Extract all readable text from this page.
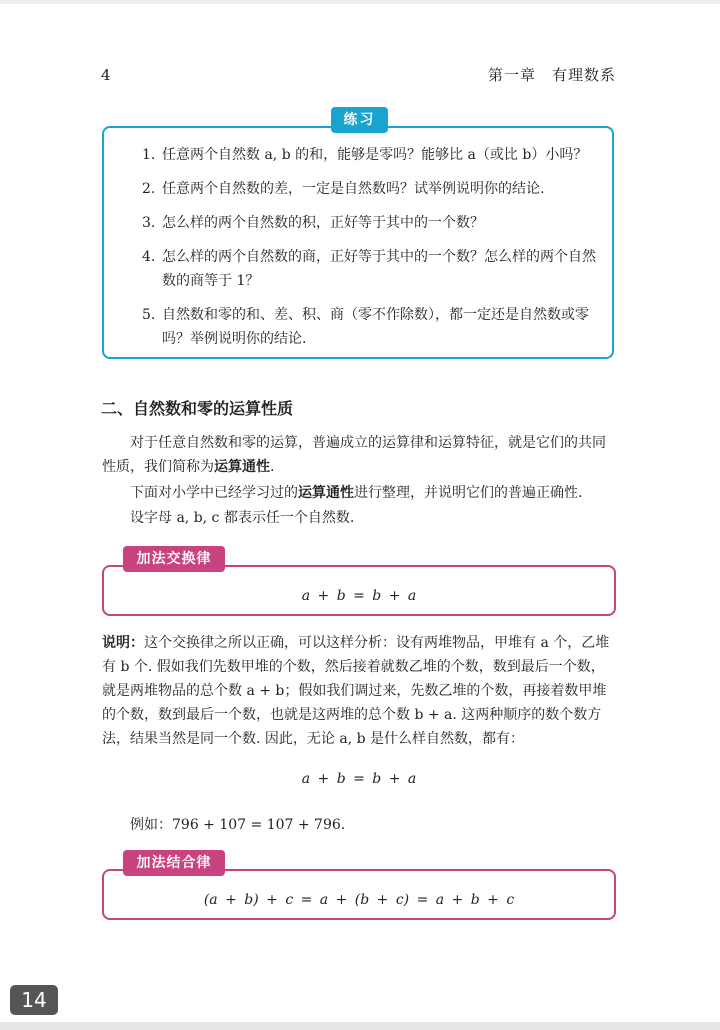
4	第一章　有理数系
练习
1. 任意两个自然数 a, b 的和，能够是零吗？能够比 a（或比 b）小吗？
2. 任意两个自然数的差，一定是自然数吗？试举例说明你的结论.
3. 怎么样的两个自然数的积，正好等于其中的一个数？
4. 怎么样的两个自然数的商，正好等于其中的一个数？怎么样的两个自然数的商等于 1？
5. 自然数和零的和、差、积、商（零不作除数），都一定还是自然数或零吗？举例说明你的结论.
二、自然数和零的运算性质
　　对于任意自然数和零的运算，普遍成立的运算律和运算特征，就是它们的共同性质，我们简称为运算通性.
　　下面对小学中已经学习过的运算通性进行整理，并说明它们的普遍正确性.
　　设字母 a, b, c 都表示任一个自然数.
加法交换律
a + b = b + a
说明：这个交换律之所以正确，可以这样分析：设有两堆物品，甲堆有 a 个，乙堆有 b 个. 假如我们先数甲堆的个数，然后接着就数乙堆的个数，数到最后一个数，就是两堆物品的总个数 a + b；假如我们调过来，先数乙堆的个数，再接着数甲堆的个数，数到最后一个数，也就是这两堆的总个数 b + a. 这两种顺序的数个数方法，结果当然是同一个数. 因此，无论 a, b 是什么样自然数，都有：
a + b = b + a
　　例如：796 + 107 = 107 + 796.
加法结合律
(a + b) + c = a + (b + c) = a + b + c
14
